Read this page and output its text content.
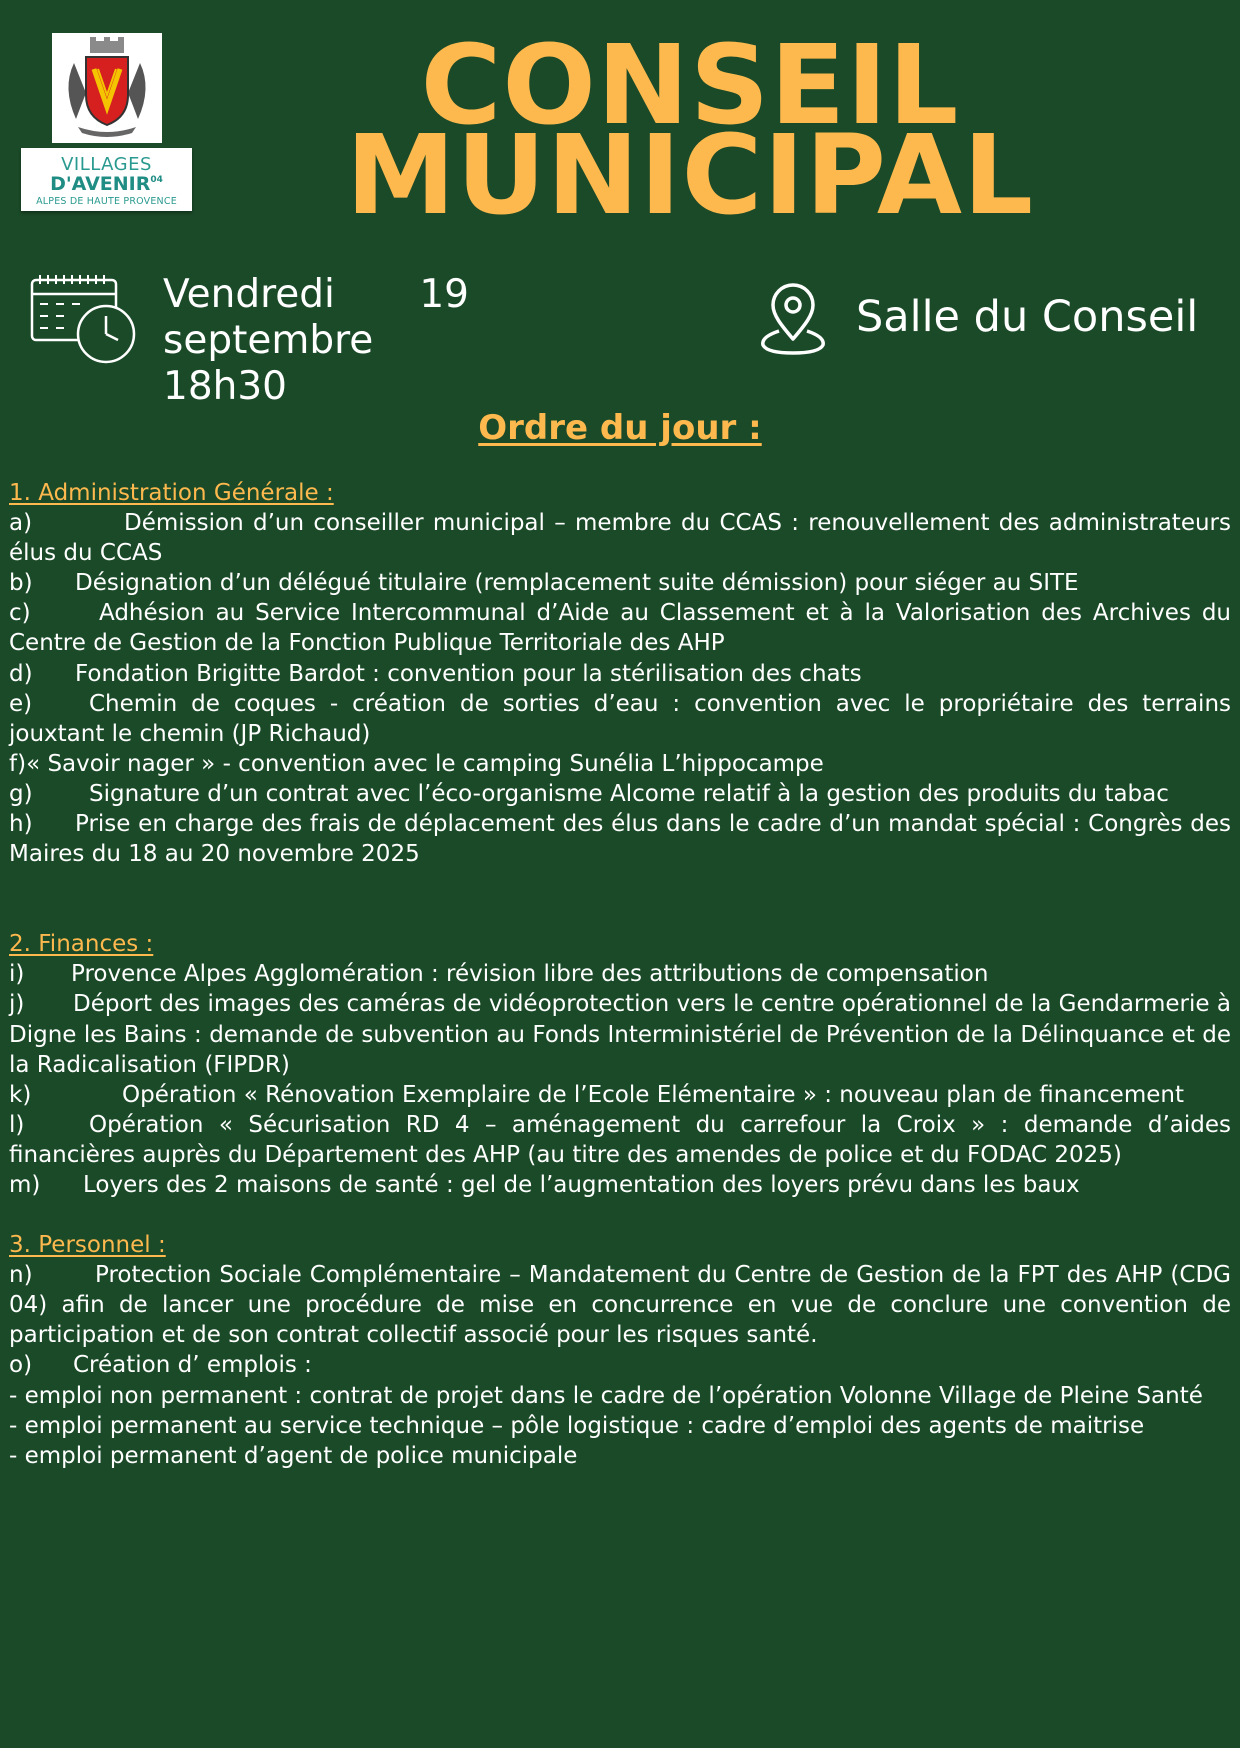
VILLAGES
D'AVENIR$^{04}$
ALPES DE HAUTE PROVENCE
CONSEIL
MUNICIPAL
Vendredi 19
septembre
18h30
Salle du Conseil
Ordre du jour :
1. Administration Générale :
a)	Démission d’un conseiller municipal – membre du CCAS : renouvellement des administrateurs élus du CCAS
b) Désignation d’un délégué titulaire (remplacement suite démission) pour siéger au SITE
c)	Adhésion au Service Intercommunal d’Aide au Classement et à la Valorisation des Archives du Centre de Gestion de la Fonction Publique Territoriale des AHP
d) Fondation Brigitte Bardot : convention pour la stérilisation des chats
e) Chemin de coques - création de sorties d’eau : convention avec le propriétaire des terrains jouxtant le chemin (JP Richaud)
f)« Savoir nager » - convention avec le camping Sunélia L’hippocampe
g) Signature d’un contrat avec l’éco-organisme Alcome relatif à la gestion des produits du tabac
h) Prise en charge des frais de déplacement des élus dans le cadre d’un mandat spécial : Congrès des Maires du 18 au 20 novembre 2025
2. Finances :
i) Provence Alpes Agglomération : révision libre des attributions de compensation
j) Déport des images des caméras de vidéoprotection vers le centre opérationnel de la Gendarmerie à Digne les Bains : demande de subvention au Fonds Interministériel de Prévention de la Délinquance et de la Radicalisation (FIPDR)
k)	Opération « Rénovation Exemplaire de l’Ecole Elémentaire » : nouveau plan de financement
l)	Opération « Sécurisation RD 4 – aménagement du carrefour la Croix » : demande d’aides financières auprès du Département des AHP (au titre des amendes de police et du FODAC 2025)
m) Loyers des 2 maisons de santé : gel de l’augmentation des loyers prévu dans les baux
3. Personnel :
n)	Protection Sociale Complémentaire – Mandatement du Centre de Gestion de la FPT des AHP (CDG 04) afin de lancer une procédure de mise en concurrence en vue de conclure une convention de participation et de son contrat collectif associé pour les risques santé.
o) Création d’ emplois :
- emploi non permanent : contrat de projet dans le cadre de l’opération Volonne Village de Pleine Santé
- emploi permanent au service technique – pôle logistique : cadre d’emploi des agents de maitrise
- emploi permanent d’agent de police municipale
